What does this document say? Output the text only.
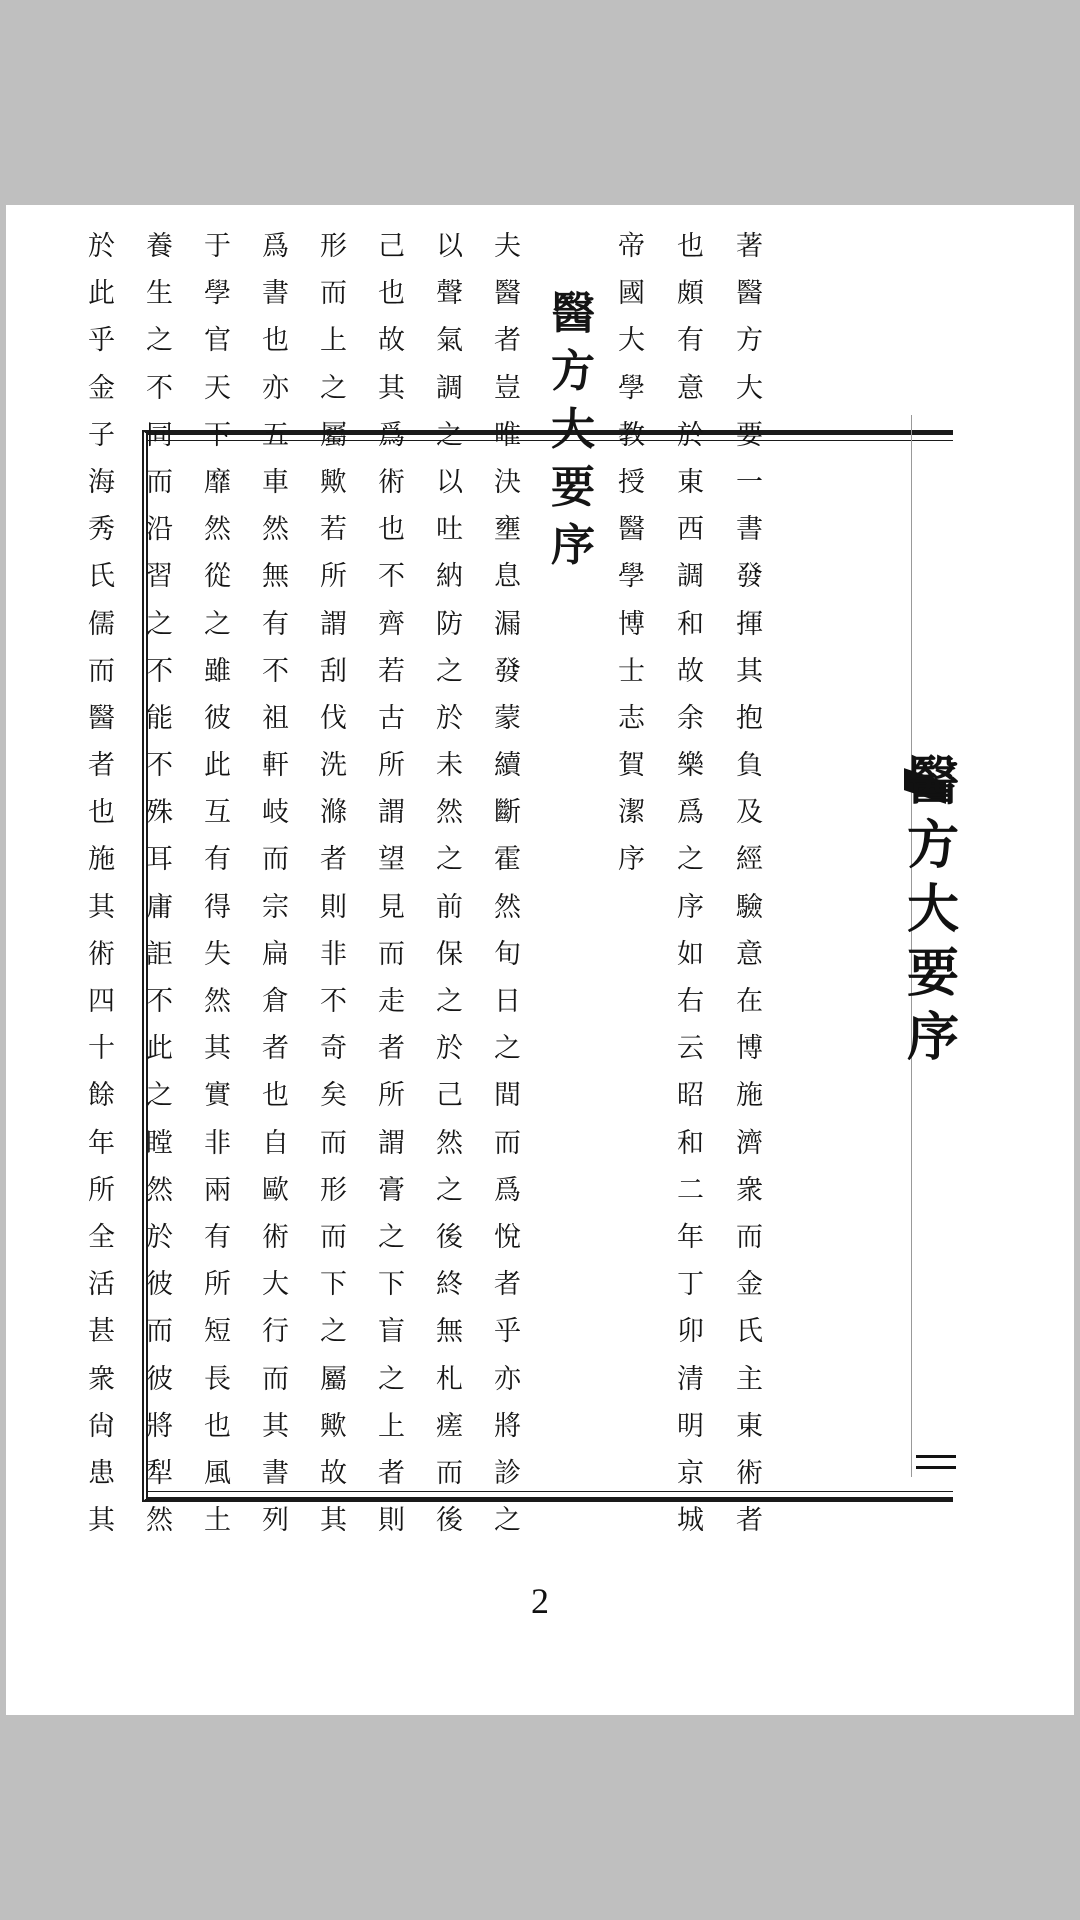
著
醫
方
大
要
一
書
發
揮
其
抱
負
及
經
驗
意
在
博
施
濟
衆
而
金
氏
主
東
術
者
也
頗
有
意
於
東
西
調
和
故
余
樂
爲
之
序
如
右
云
昭
和
二
年
丁
卯
清
明
京
城
帝
國
大
學
教
授
醫
學
博
士
志
賀
潔
序
醫
方
大
要
序
夫
醫
者
豈
唯
決
壅
息
漏
發
蒙
續
斷
霍
然
旬
日
之
間
而
爲
悅
者
乎
亦
將
診
之
以
聲
氣
調
之
以
吐
納
防
之
於
未
然
之
前
保
之
於
己
然
之
後
終
無
札
瘥
而
後
己
也
故
其
爲
術
也
不
齊
若
古
所
謂
望
見
而
走
者
所
謂
膏
之
下
盲
之
上
者
則
形
而
上
之
屬
歟
若
所
謂
刮
伐
洗
滌
者
則
非
不
奇
矣
而
形
而
下
之
屬
歟
故
其
爲
書
也
亦
五
車
然
無
有
不
祖
軒
岐
而
宗
扁
倉
者
也
自
歐
術
大
行
而
其
書
列
于
學
官
天
下
靡
然
從
之
雖
彼
此
互
有
得
失
然
其
實
非
兩
有
所
短
長
也
風
土
養
生
之
不
同
而
沿
習
之
不
能
不
殊
耳
庸
詎
不
此
之
瞠
然
於
彼
而
彼
將
犁
然
於
此
乎
金
子
海
秀
氏
儒
而
醫
者
也
施
其
術
四
十
餘
年
所
全
活
甚
衆
尙
患
其
醫
方
大
要
序
2
